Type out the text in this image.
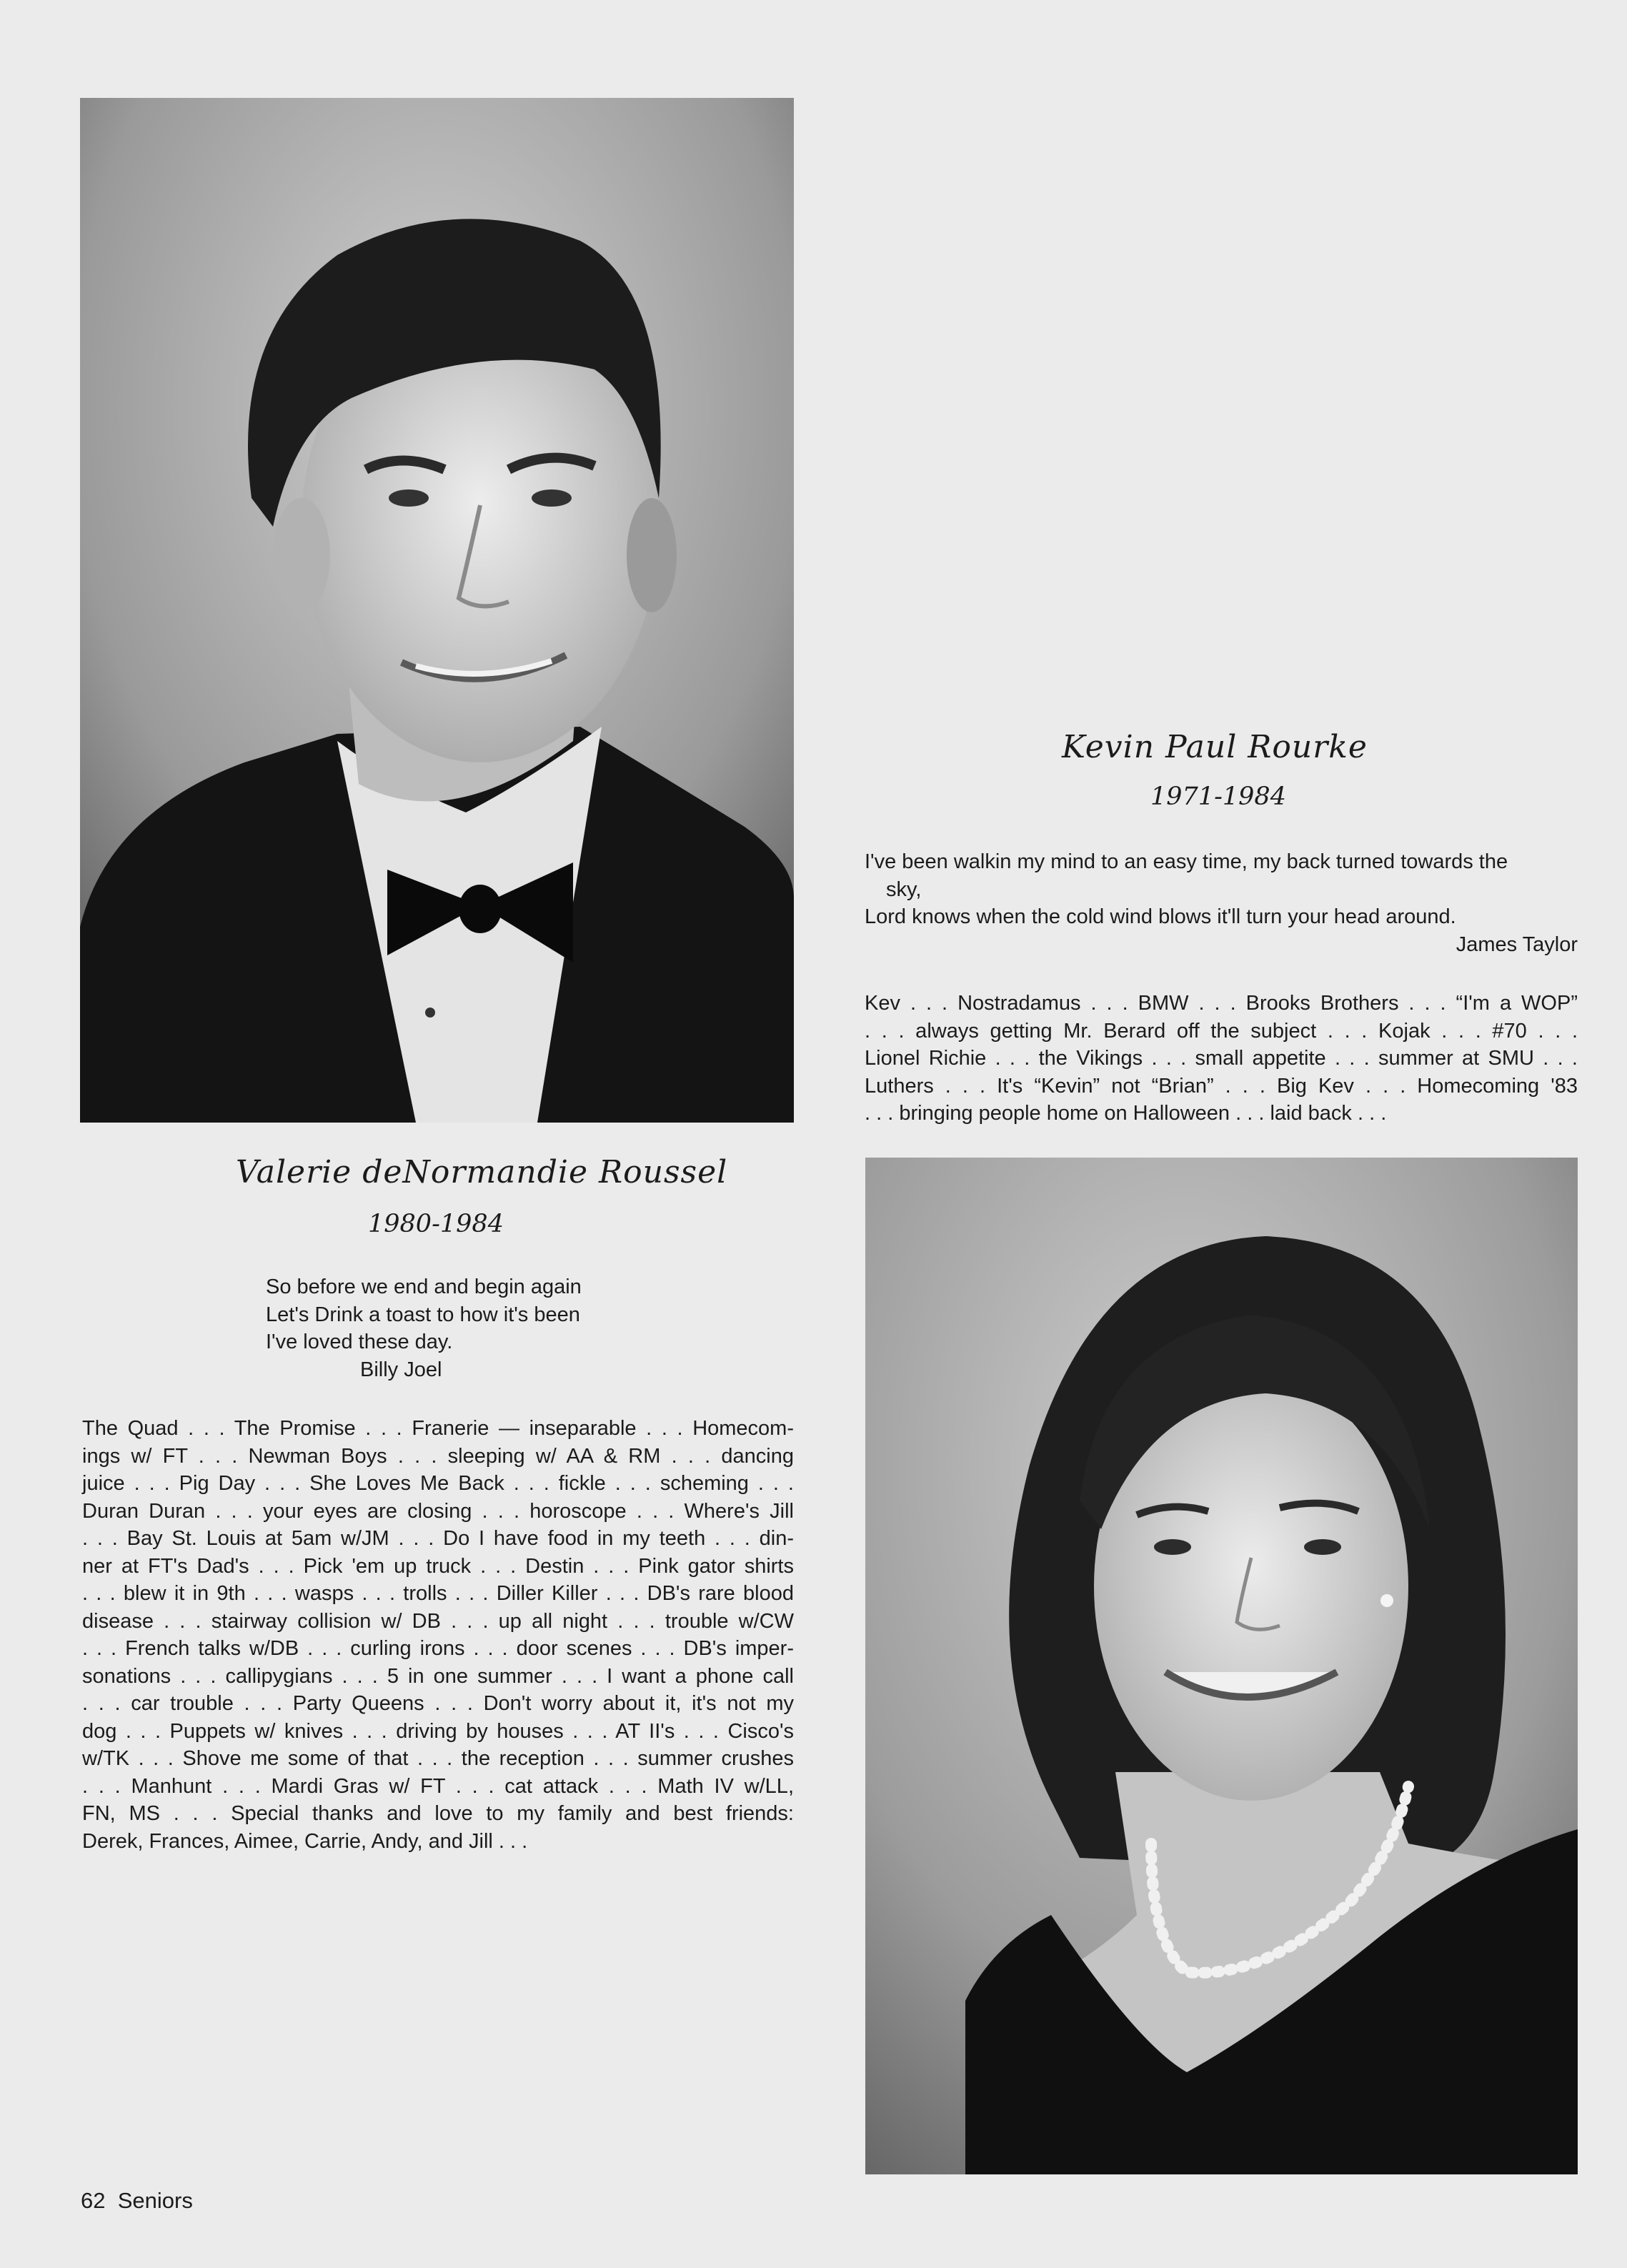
Kevin Paul Rourke
1971-1984
I've been walkin my mind to an easy time, my back turned towards the
sky,
Lord knows when the cold wind blows it'll turn your head around.
James Taylor
Kev . . . Nostradamus . . . BMW . . . Brooks Brothers . . . “I'm a WOP”
. . . always getting Mr. Berard off the subject . . . Kojak . . . #70 . . .
Lionel Richie . . . the Vikings . . . small appetite . . . summer at SMU . . .
Luthers . . . It's “Kevin” not “Brian” . . . Big Kev . . . Homecoming '83
. . . bringing people home on Halloween . . . laid back . . .
Valerie deNormandie Roussel
1980-1984
So before we end and begin again
Let's Drink a toast to how it's been
I've loved these day.
Billy Joel
The Quad . . . The Promise . . . Franerie — inseparable . . . Homecom-
ings w/ FT . . . Newman Boys . . . sleeping w/ AA & RM . . . dancing
juice . . . Pig Day . . . She Loves Me Back . . . fickle . . . scheming . . .
Duran Duran . . . your eyes are closing . . . horoscope . . . Where's Jill
. . . Bay St. Louis at 5am w/JM . . . Do I have food in my teeth . . . din-
ner at FT's Dad's . . . Pick 'em up truck . . . Destin . . . Pink gator shirts
. . . blew it in 9th . . . wasps . . . trolls . . . Diller Killer . . . DB's rare blood
disease . . . stairway collision w/ DB . . . up all night . . . trouble w/CW
. . . French talks w/DB . . . curling irons . . . door scenes . . . DB's imper-
sonations . . . callipygians . . . 5 in one summer . . . I want a phone call
. . . car trouble . . . Party Queens . . . Don't worry about it, it's not my
dog . . . Puppets w/ knives . . . driving by houses . . . AT II's . . . Cisco's
w/TK . . . Shove me some of that . . . the reception . . . summer crushes
. . . Manhunt . . . Mardi Gras w/ FT . . . cat attack . . . Math IV w/LL,
FN, MS . . . Special thanks and love to my family and best friends:
Derek, Frances, Aimee, Carrie, Andy, and Jill . . .
62 Seniors
